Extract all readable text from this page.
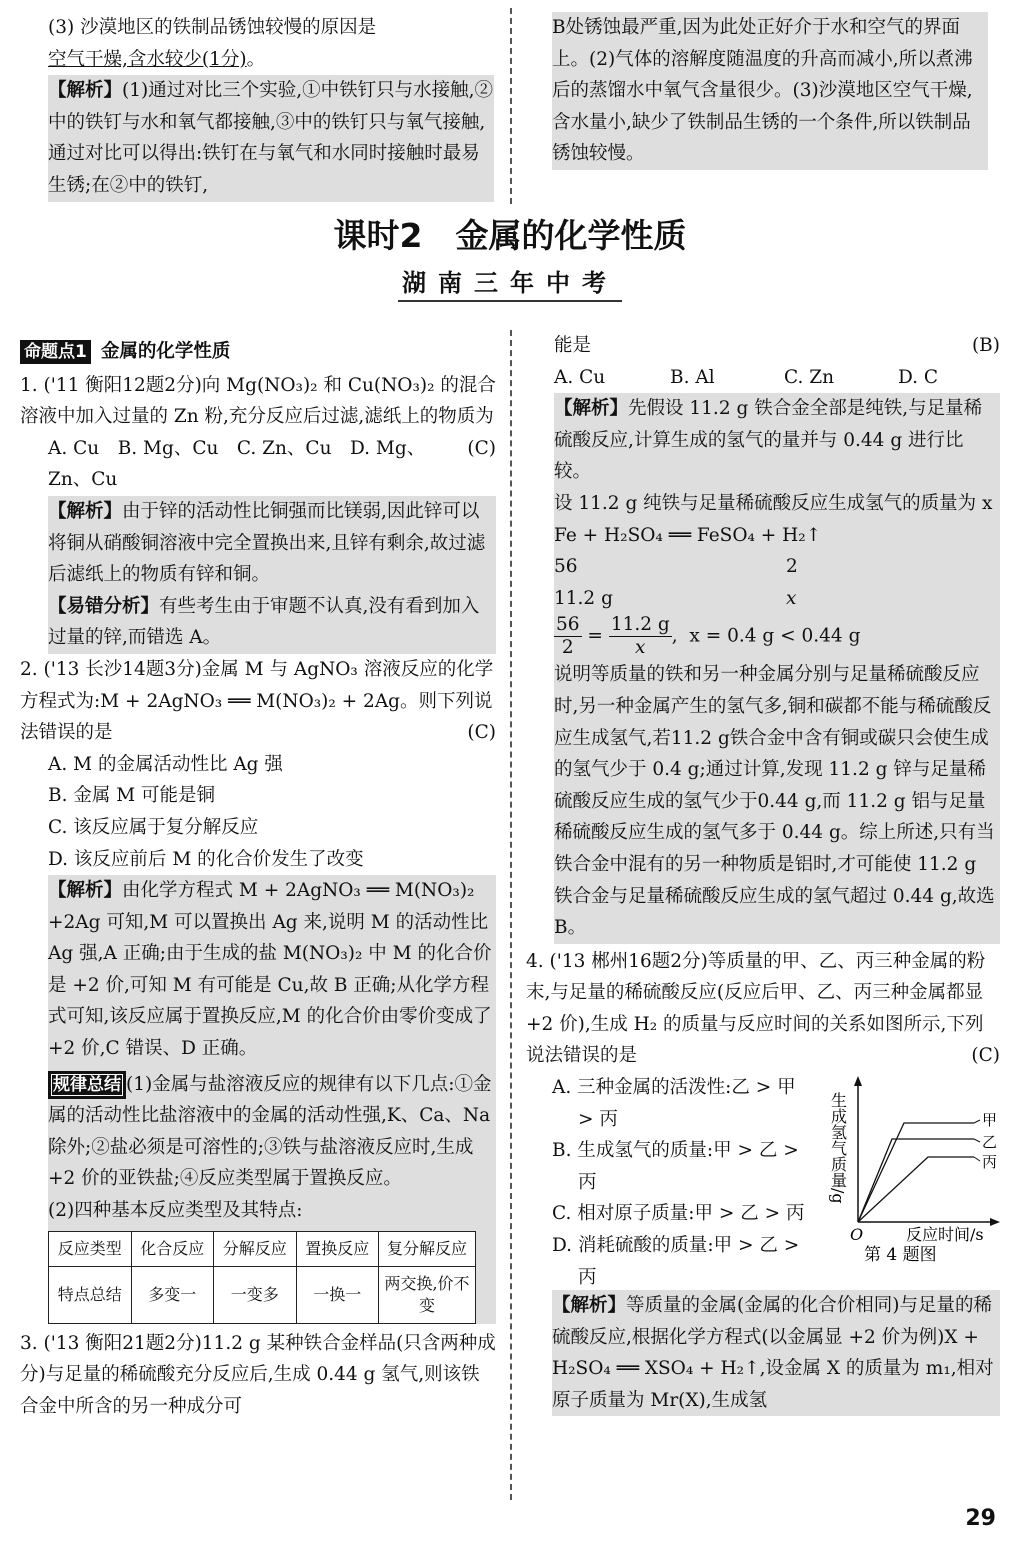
(3) 沙漠地区的铁制品锈蚀较慢的原因是
空气干燥,含水较少(1分)。

【解析】(1)通过对比三个实验,①中铁钉只与水接触,②中的铁钉与水和氧气都接触,③中的铁钉只与氧气接触,通过对比可以得出:铁钉在与氧气和水同时接触时最易生锈;在②中的铁钉,

B处锈蚀最严重,因为此处正好介于水和空气的界面上。(2)气体的溶解度随温度的升高而减小,所以煮沸后的蒸馏水中氧气含量很少。(3)沙漠地区空气干燥,含水量小,缺少了铁制品生锈的一个条件,所以铁制品锈蚀较慢。

课时2　金属的化学性质
湖南三年中考
命题点1 金属的化学性质

1. ('11 衡阳12题2分)向 Mg(NO₃)₂ 和 Cu(NO₃)₂ 的混合溶液中加入过量的 Zn 粉,充分反应后过滤,滤纸上的物质为
(C)

A. Cu　B. Mg、Cu　C. Zn、Cu　D. Mg、Zn、Cu

【解析】由于锌的活动性比铜强而比镁弱,因此锌可以将铜从硝酸铜溶液中完全置换出来,且锌有剩余,故过滤后滤纸上的物质有锌和铜。

【易错分析】有些考生由于审题不认真,没有看到加入过量的锌,而错选 A。

2. ('13 长沙14题3分)金属 M 与 AgNO₃ 溶液反应的化学方程式为:M + 2AgNO₃ ══ M(NO₃)₂ + 2Ag。则下列说法错误的是	(C)

A. M 的金属活动性比 Ag 强

B. 金属 M 可能是铜

C. 该反应属于复分解反应

D. 该反应前后 M 的化合价发生了改变

【解析】由化学方程式 M + 2AgNO₃ ══ M(NO₃)₂ +2Ag 可知,M 可以置换出 Ag 来,说明 M 的活动性比 Ag 强,A 正确;由于生成的盐 M(NO₃)₂ 中 M 的化合价是 +2 价,可知 M 有可能是 Cu,故 B 正确;从化学方程式可知,该反应属于置换反应,M 的化合价由零价变成了 +2 价,C 错误、D 正确。

规律总结 (1)金属与盐溶液反应的规律有以下几点:①金属的活动性比盐溶液中的金属的活动性强,K、Ca、Na 除外;②盐必须是可溶性的;③铁与盐溶液反应时,生成 +2 价的亚铁盐;④反应类型属于置换反应。

(2)四种基本反应类型及其特点:

反应类型	化合反应	分解反应	置换反应	复分解反应
特点总结	多变一	一变多	一换一	两交换,价不变

3. ('13 衡阳21题2分)11.2 g 某种铁合金样品(只含两种成分)与足量的稀硫酸充分反应后,生成 0.44 g 氢气,则该铁合金中所含的另一种成分可

能是	(B)

A. Cu	B. Al	C. Zn	D. C

【解析】先假设 11.2 g 铁合金全部是纯铁,与足量稀硫酸反应,计算生成的氢气的量并与 0.44 g 进行比较。

设 11.2 g 纯铁与足量稀硫酸反应生成氢气的质量为 x

Fe + H₂SO₄ ══ FeSO₄ + H₂↑

56	2

11.2 g	x

$\frac{56}{2} = \frac{11.2 g}{x}$ ,  x = 0.4 g < 0.44 g

说明等质量的铁和另一种金属分别与足量稀硫酸反应时,另一种金属产生的氢气多,铜和碳都不能与稀硫酸反应生成氢气,若11.2 g铁合金中含有铜或碳只会使生成的氢气少于 0.4 g;通过计算,发现 11.2 g 锌与足量稀硫酸反应生成的氢气少于0.44 g,而 11.2 g 铝与足量稀硫酸反应生成的氢气多于 0.44 g。综上所述,只有当铁合金中混有的另一种物质是铝时,才可能使 11.2 g 铁合金与足量稀硫酸反应生成的氢气超过 0.44 g,故选 B。

4. ('13 郴州16题2分)等质量的甲、乙、丙三种金属的粉末,与足量的稀硫酸反应(反应后甲、乙、丙三种金属都显 +2 价),生成 H₂ 的质量与反应时间的关系如图所示,下列说法错误的是	(C)

A. 三种金属的活泼性:乙 > 甲 > 丙

B. 生成氢气的质量:甲 > 乙 > 丙

C. 相对原子质量:甲 > 乙 > 丙

D. 消耗硫酸的质量:甲 > 乙 > 丙

生成氢气质量/g
O	反应时间/s
甲
乙
丙
第 4 题图

【解析】等质量的金属(金属的化合价相同)与足量的稀硫酸反应,根据化学方程式(以金属显 +2 价为例)X + H₂SO₄ ══ XSO₄ + H₂↑,设金属 X 的质量为 m₁,相对原子质量为 Mr(X),生成氢

29
